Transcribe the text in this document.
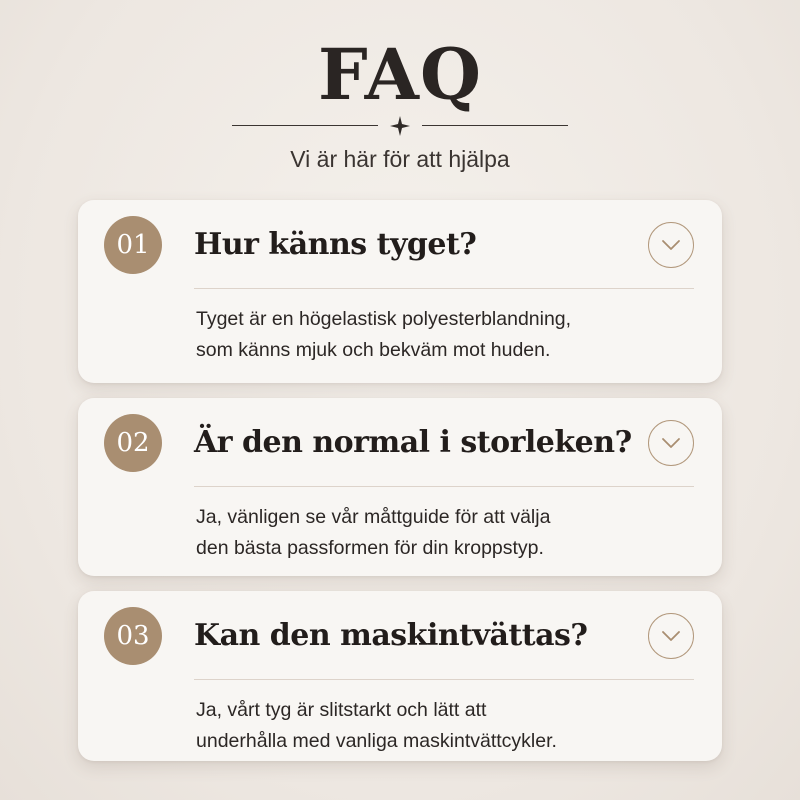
FAQ
Vi är här för att hjälpa
01	Hur känns tyget?
Tyget är en högelastisk polyesterblandning,
som känns mjuk och bekväm mot huden.
02	Är den normal i storleken?
Ja, vänligen se vår måttguide för att välja
den bästa passformen för din kroppstyp.
03	Kan den maskintvättas?
Ja, vårt tyg är slitstarkt och lätt att
underhålla med vanliga maskintvättcykler.
